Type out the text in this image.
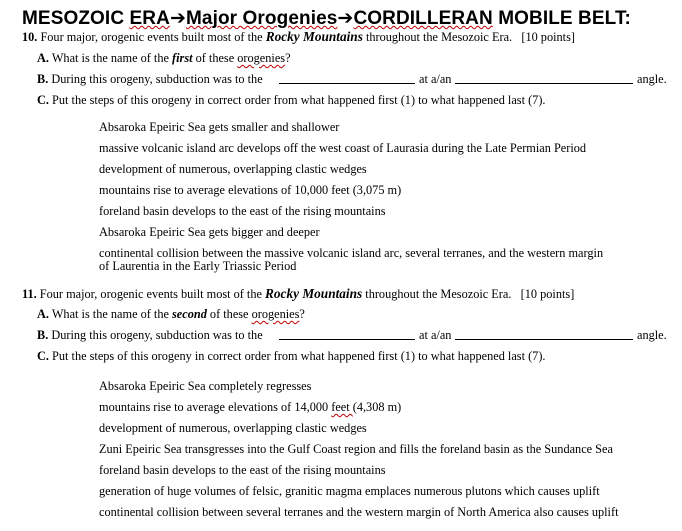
MESOZOIC ERA➔Major Orogenies➔CORDILLERAN MOBILE BELT:
10. Four major, orogenic events built most of the Rocky Mountains throughout the Mesozoic Era. [10 points]
A. What is the name of the first of these orogenies?
B. During this orogeny, subduction was to the	at a/an	angle.
C. Put the steps of this orogeny in correct order from what happened first (1) to what happened last (7).
Absaroka Epeiric Sea gets smaller and shallower
massive volcanic island arc develops off the west coast of Laurasia during the Late Permian Period
development of numerous, overlapping clastic wedges
mountains rise to average elevations of 10,000 feet (3,075 m)
foreland basin develops to the east of the rising mountains
Absaroka Epeiric Sea gets bigger and deeper
continental collision between the massive volcanic island arc, several terranes, and the western margin
of Laurentia in the Early Triassic Period
11. Four major, orogenic events built most of the Rocky Mountains throughout the Mesozoic Era. [10 points]
A. What is the name of the second of these orogenies?
B. During this orogeny, subduction was to the	at a/an	angle.
C. Put the steps of this orogeny in correct order from what happened first (1) to what happened last (7).
Absaroka Epeiric Sea completely regresses
mountains rise to average elevations of 14,000 feet (4,308 m)
development of numerous, overlapping clastic wedges
Zuni Epeiric Sea transgresses into the Gulf Coast region and fills the foreland basin as the Sundance Sea
foreland basin develops to the east of the rising mountains
generation of huge volumes of felsic, granitic magma emplaces numerous plutons which causes uplift
continental collision between several terranes and the western margin of North America also causes uplift
